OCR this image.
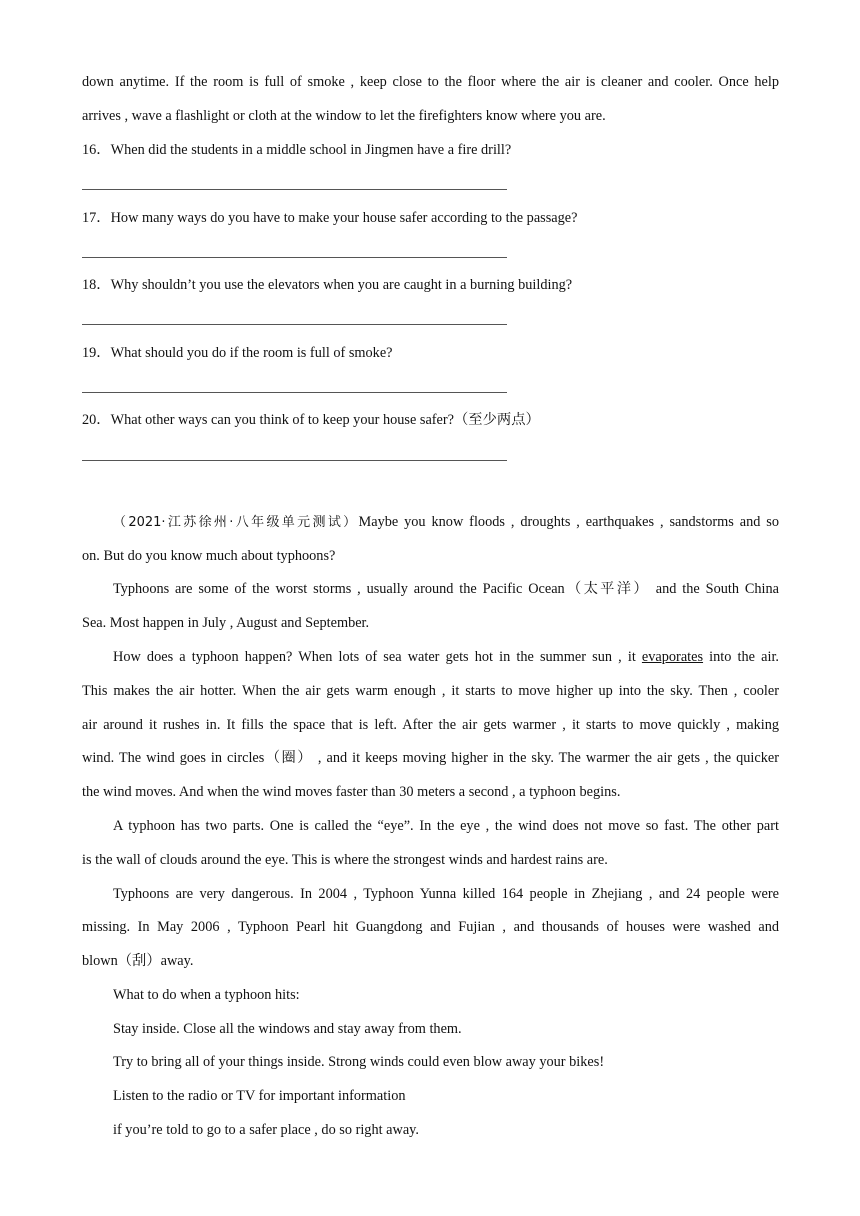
down anytime. If the room is full of smoke , keep close to the floor where the air is cleaner and cooler. Once help
arrives , wave a flashlight or cloth at the window to let the firefighters know where you are.
16．When did the students in a middle school in Jingmen have a fire drill?
17．How many ways do you have to make your house safer according to the passage?
18．Why shouldn’t you use the elevators when you are caught in a burning building?
19．What should you do if the room is full of smoke?
20．What other ways can you think of to keep your house safer?（至少两点）
（2021·江苏徐州·八年级单元测试）Maybe you know floods , droughts , earthquakes , sandstorms and so
on. But do you know much about typhoons?
Typhoons are some of the worst storms , usually around the Pacific Ocean（太平洋） and the South China
Sea. Most happen in July , August and September.
How does a typhoon happen? When lots of sea water gets hot in the summer sun , it evaporates into the air.
This makes the air hotter. When the air gets warm enough , it starts to move higher up into the sky. Then , cooler
air around it rushes in. It fills the space that is left. After the air gets warmer , it starts to move quickly , making
wind. The wind goes in circles（圈） , and it keeps moving higher in the sky. The warmer the air gets , the quicker
the wind moves. And when the wind moves faster than 30 meters a second , a typhoon begins.
A typhoon has two parts. One is called the “eye”. In the eye , the wind does not move so fast. The other part
is the wall of clouds around the eye. This is where the strongest winds and hardest rains are.
Typhoons are very dangerous. In 2004 , Typhoon Yunna killed 164 people in Zhejiang , and 24 people were
missing. In May 2006 , Typhoon Pearl hit Guangdong and Fujian , and thousands of houses were washed and
blown（刮）away.
What to do when a typhoon hits:
Stay inside. Close all the windows and stay away from them.
Try to bring all of your things inside. Strong winds could even blow away your bikes!
Listen to the radio or TV for important information
if you’re told to go to a safer place , do so right away.
